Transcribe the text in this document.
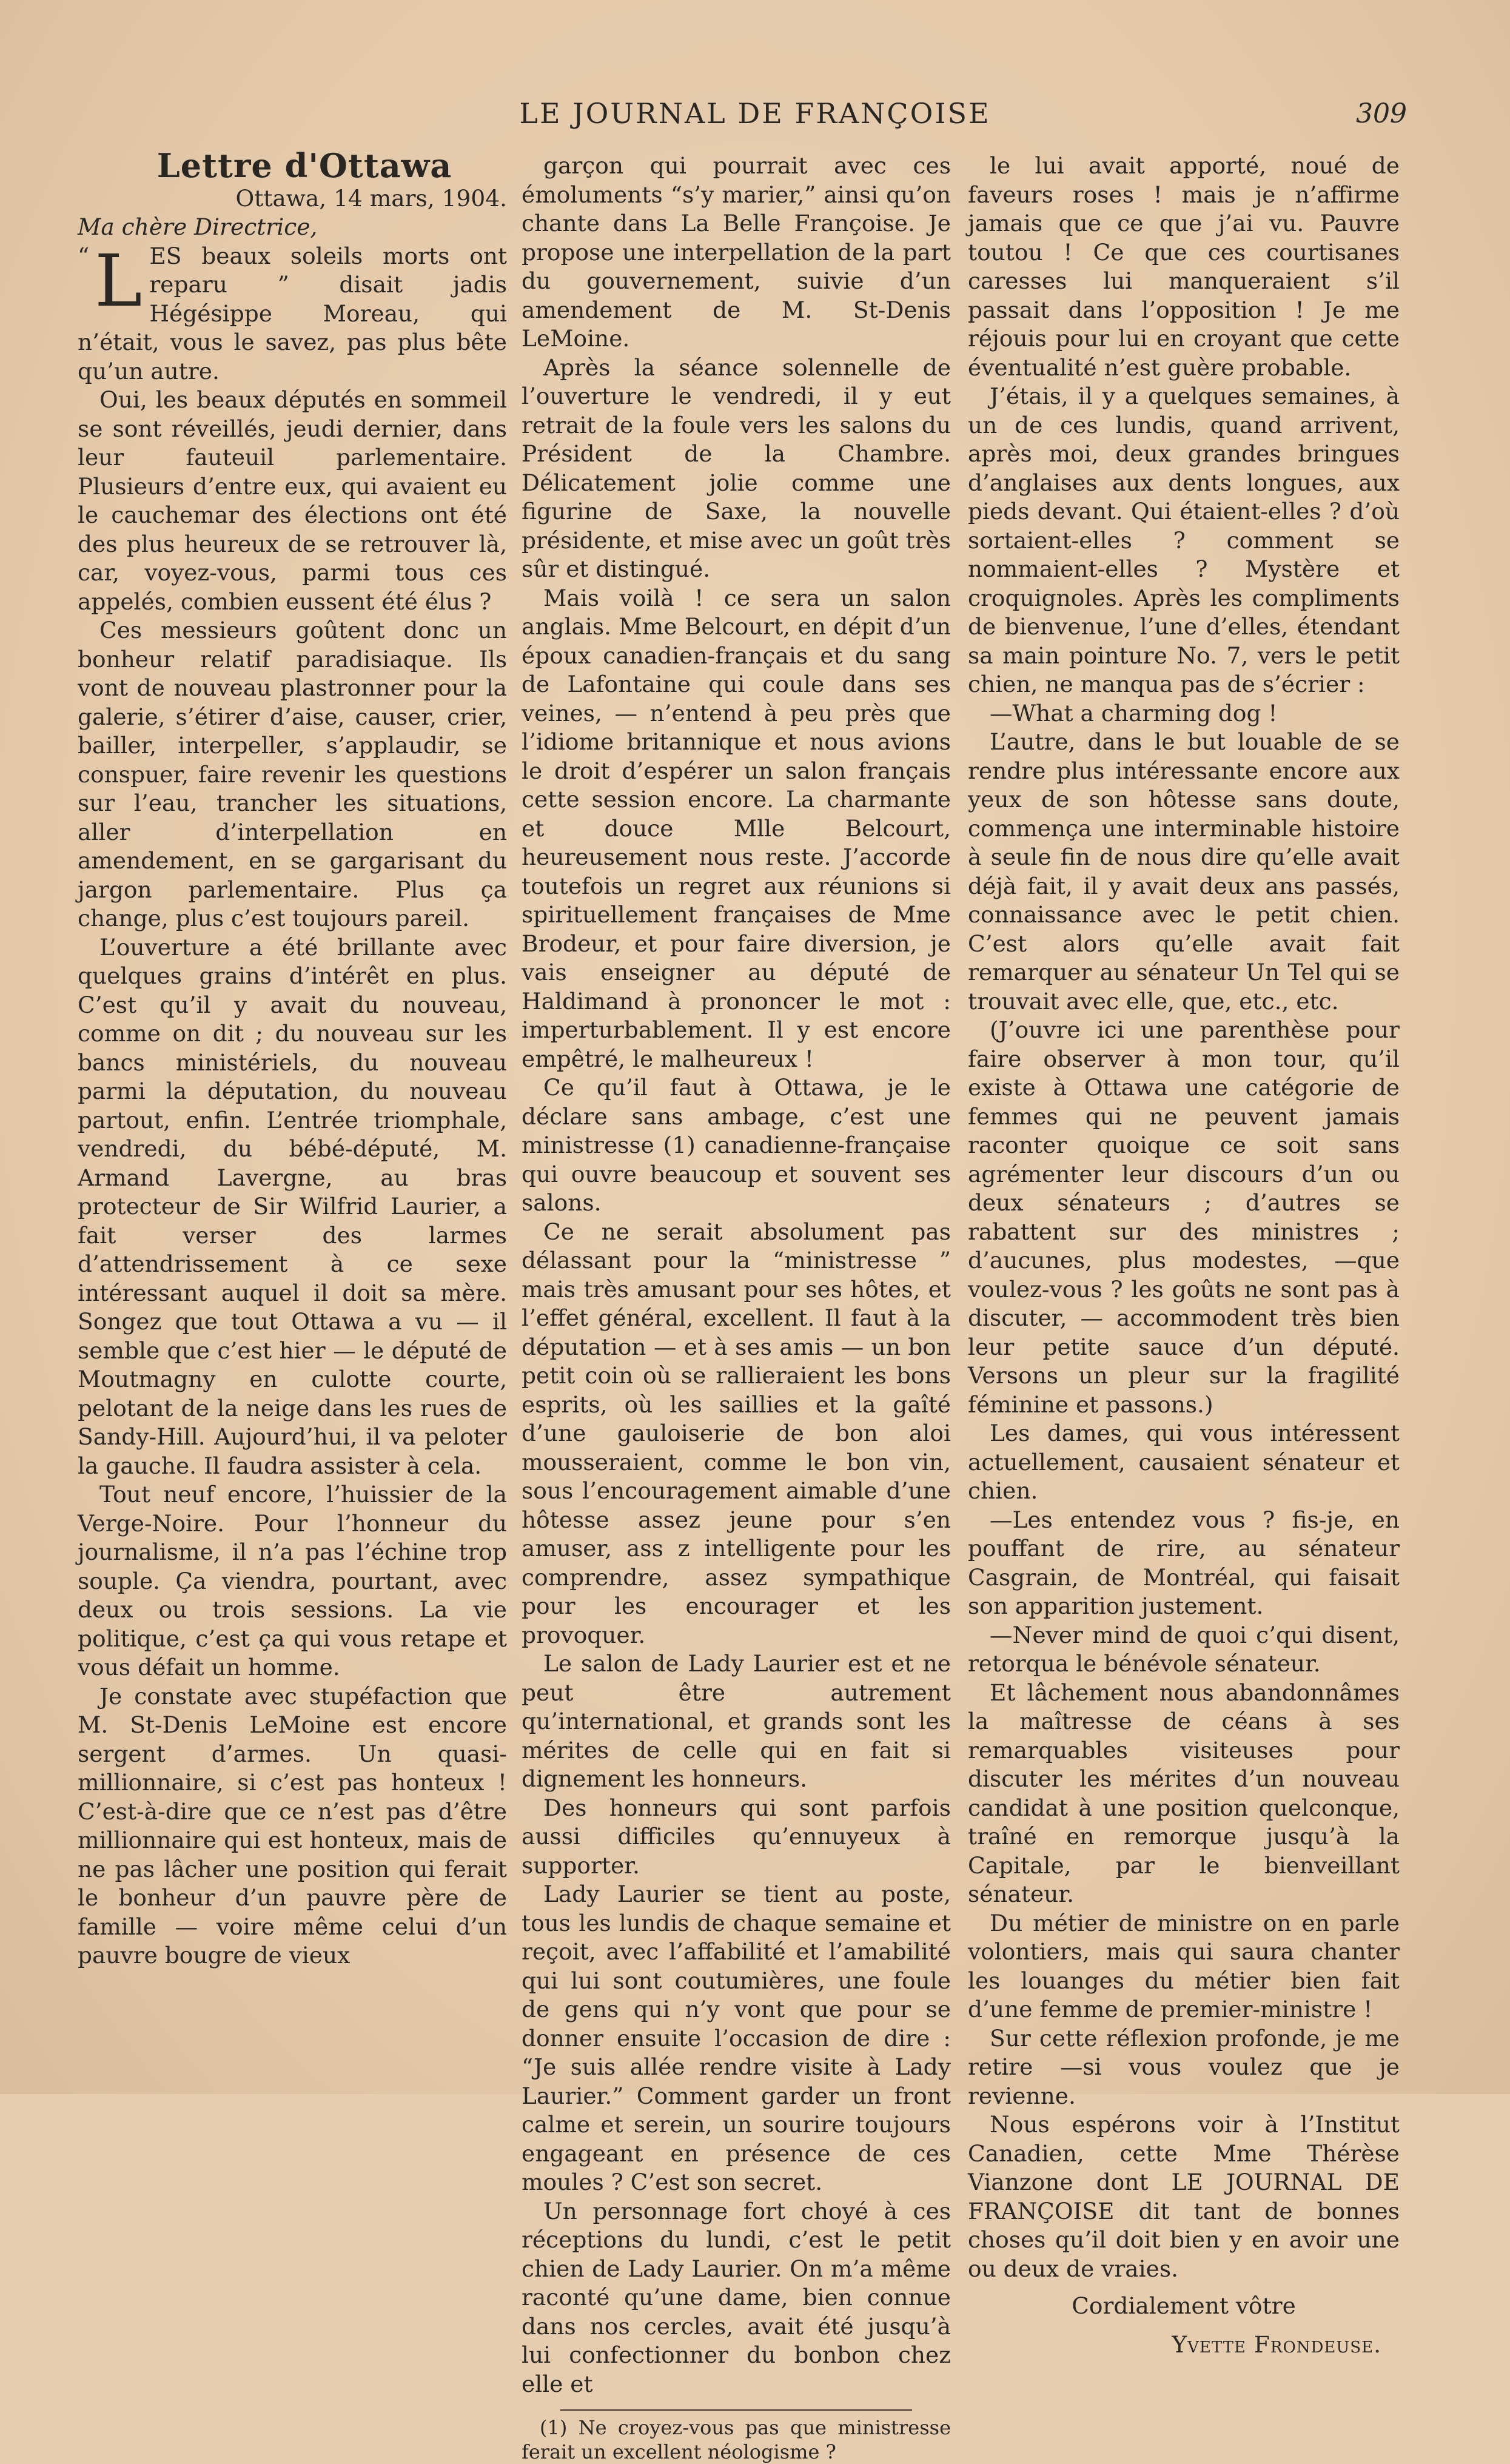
LE JOURNAL DE FRANÇOISE	309
Lettre d'Ottawa

Ottawa, 14 mars, 1904.

Ma chère Directrice,

“ L ES beaux soleils morts ont reparu ” disait jadis Hégésippe Moreau, qui n’était, vous le savez, pas plus bête qu’un autre.

Oui, les beaux députés en sommeil se sont réveillés, jeudi dernier, dans leur fauteuil parlementaire. Plusieurs d’entre eux, qui avaient eu le cauchemar des élections ont été des plus heureux de se retrouver là, car, voyez-vous, parmi tous ces appelés, combien eussent été élus ?

Ces messieurs goûtent donc un bonheur relatif paradisiaque. Ils vont de nouveau plastronner pour la galerie, s’étirer d’aise, causer, crier, bailler, interpeller, s’applaudir, se conspuer, faire revenir les questions sur l’eau, trancher les situations, aller d’interpellation en amendement, en se gargarisant du jargon parlementaire. Plus ça change, plus c’est toujours pareil.

L’ouverture a été brillante avec quelques grains d’intérêt en plus. C’est qu’il y avait du nouveau, comme on dit ; du nouveau sur les bancs ministériels, du nouveau parmi la députation, du nouveau partout, enfin. L’entrée triomphale, vendredi, du bébé-député, M. Armand Lavergne, au bras protecteur de Sir Wilfrid Laurier, a fait verser des larmes d’attendrissement à ce sexe intéressant auquel il doit sa mère. Songez que tout Ottawa a vu — il semble que c’est hier — le député de Moutmagny en culotte courte, pelotant de la neige dans les rues de Sandy-Hill. Aujourd’hui, il va peloter la gauche. Il faudra assister à cela.

Tout neuf encore, l’huissier de la Verge-Noire. Pour l’honneur du journalisme, il n’a pas l’échine trop souple. Ça viendra, pourtant, avec deux ou trois sessions. La vie politique, c’est ça qui vous retape et vous défait un homme.

Je constate avec stupéfaction que M. St-Denis LeMoine est encore sergent d’armes. Un quasi-millionnaire, si c’est pas honteux ! C’est-à-dire que ce n’est pas d’être millionnaire qui est honteux, mais de ne pas lâcher une position qui ferait le bonheur d’un pauvre père de famille — voire même celui d’un pauvre bougre de vieux

garçon qui pourrait avec ces émoluments “s’y marier,” ainsi qu’on chante dans La Belle Françoise. Je propose une interpellation de la part du gouvernement, suivie d’un amendement de M. St-Denis LeMoine.

Après la séance solennelle de l’ouverture le vendredi, il y eut retrait de la foule vers les salons du Président de la Chambre. Délicatement jolie comme une figurine de Saxe, la nouvelle présidente, et mise avec un goût très sûr et distingué.

Mais voilà ! ce sera un salon anglais. Mme Belcourt, en dépit d’un époux canadien-français et du sang de Lafontaine qui coule dans ses veines, — n’entend à peu près que l’idiome britannique et nous avions le droit d’espérer un salon français cette session encore. La charmante et douce Mlle Belcourt, heureusement nous reste. J’accorde toutefois un regret aux réunions si spirituellement françaises de Mme Brodeur, et pour faire diversion, je vais enseigner au député de Haldimand à prononcer le mot : imperturbablement. Il y est encore empêtré, le malheureux !

Ce qu’il faut à Ottawa, je le déclare sans ambage, c’est une ministresse (1) canadienne-française qui ouvre beaucoup et souvent ses salons.

Ce ne serait absolument pas délassant pour la “ministresse ” mais très amusant pour ses hôtes, et l’effet général, excellent. Il faut à la députation — et à ses amis — un bon petit coin où se rallieraient les bons esprits, où les saillies et la gaîté d’une gauloiserie de bon aloi mousseraient, comme le bon vin, sous l’encouragement aimable d’une hôtesse assez jeune pour s’en amuser, ass z intelligente pour les comprendre, assez sympathique pour les encourager et les provoquer.

Le salon de Lady Laurier est et ne peut être autrement qu’international, et grands sont les mérites de celle qui en fait si dignement les honneurs.

Des honneurs qui sont parfois aussi difficiles qu’ennuyeux à supporter.

Lady Laurier se tient au poste, tous les lundis de chaque semaine et reçoit, avec l’affabilité et l’amabilité qui lui sont coutumières, une foule de gens qui n’y vont que pour se donner ensuite l’occasion de dire : “Je suis allée rendre visite à Lady Laurier.” Comment garder un front calme et serein, un sourire toujours engageant en présence de ces moules ? C’est son secret.

Un personnage fort choyé à ces réceptions du lundi, c’est le petit chien de Lady Laurier. On m’a même raconté qu’une dame, bien connue dans nos cercles, avait été jusqu’à lui confectionner du bonbon chez elle et

(1) Ne croyez-vous pas que ministresse ferait un excellent néologisme ?

le lui avait apporté, noué de faveurs roses ! mais je n’affirme jamais que ce que j’ai vu. Pauvre toutou ! Ce que ces courtisanes caresses lui manqueraient s’il passait dans l’opposition ! Je me réjouis pour lui en croyant que cette éventualité n’est guère probable.

J’étais, il y a quelques semaines, à un de ces lundis, quand arrivent, après moi, deux grandes bringues d’anglaises aux dents longues, aux pieds devant. Qui étaient-elles ? d’où sortaient-elles ? comment se nommaient-elles ? Mystère et croquignoles. Après les compliments de bienvenue, l’une d’elles, étendant sa main pointure No. 7, vers le petit chien, ne manqua pas de s’écrier :

—What a charming dog !

L’autre, dans le but louable de se rendre plus intéressante encore aux yeux de son hôtesse sans doute, commença une interminable histoire à seule fin de nous dire qu’elle avait déjà fait, il y avait deux ans passés, connaissance avec le petit chien. C’est alors qu’elle avait fait remarquer au sénateur Un Tel qui se trouvait avec elle, que, etc., etc.

(J’ouvre ici une parenthèse pour faire observer à mon tour, qu’il existe à Ottawa une catégorie de femmes qui ne peuvent jamais raconter quoique ce soit sans agrémenter leur discours d’un ou deux sénateurs ; d’autres se rabattent sur des ministres ; d’aucunes, plus modestes, —que voulez-vous ? les goûts ne sont pas à discuter, — accommodent très bien leur petite sauce d’un député. Versons un pleur sur la fragilité féminine et passons.)

Les dames, qui vous intéressent actuellement, causaient sénateur et chien.

—Les entendez vous ? fis-je, en pouffant de rire, au sénateur Casgrain, de Montréal, qui faisait son apparition justement.

—Never mind de quoi c’qui disent, retorqua le bénévole sénateur.

Et lâchement nous abandonnâmes la maîtresse de céans à ses remarquables visiteuses pour discuter les mérites d’un nouveau candidat à une position quelconque, traîné en remorque jusqu’à la Capitale, par le bienveillant sénateur.

Du métier de ministre on en parle volontiers, mais qui saura chanter les louanges du métier bien fait d’une femme de premier-ministre !

Sur cette réflexion profonde, je me retire —si vous voulez que je revienne.

Nous espérons voir à l’Institut Canadien, cette Mme Thérèse Vianzone dont LE JOURNAL DE FRANÇOISE dit tant de bonnes choses qu’il doit bien y en avoir une ou deux de vraies.

Cordialement vôtre

Yvette Frondeuse.
